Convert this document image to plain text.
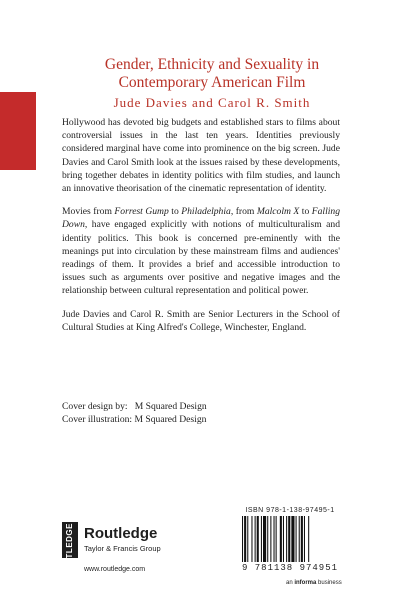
Gender, Ethnicity and Sexuality in

Contemporary American Film

Jude Davies and Carol R. Smith

Hollywood has devoted big budgets and established stars to films about controversial issues in the last ten years. Identities previously considered marginal have come into prominence on the big screen. Jude Davies and Carol Smith look at the issues raised by these developments, bring together debates in identity politics with film studies, and launch an innovative theorisation of the cinematic representation of identity.

Movies from Forrest Gump to Philadelphia, from Malcolm X to Falling Down, have engaged explicitly with notions of multiculturalism and identity politics. This book is concerned pre-eminently with the meanings put into circulation by these mainstream films and audiences' readings of them. It provides a brief and accessible introduction to issues such as arguments over positive and negative images and the relationship between cultural representation and political power.

Jude Davies and Carol R. Smith are Senior Lecturers in the School of Cultural Studies at King Alfred's College, Winchester, England.

Cover design by:   M Squared Design
Cover illustration: M Squared Design
ROUTLEDGE Routledge
Taylor & Francis Group
www.routledge.com
ISBN 978-1-138-97495-1
9 781138 974951
an informa business
